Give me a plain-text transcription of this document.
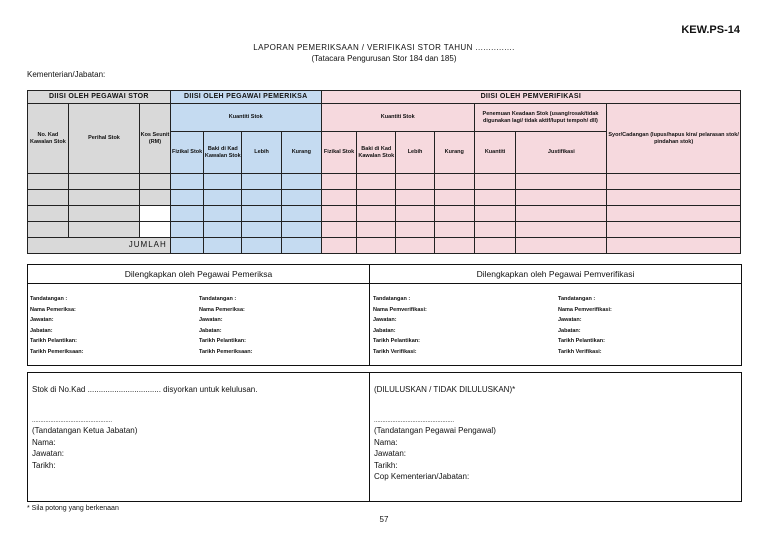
KEW.PS-14
LAPORAN PEMERIKSAAN / VERIFIKASI STOR TAHUN ...............
(Tatacara Pengurusan Stor 184 dan 185)
Kementerian/Jabatan:
DIISI OLEH PEGAWAI STOR			DIISI OLEH PEGAWAI PEMERIKSA				DIISI OLEH PEMVERIFIKASI						
No. Kad Kawalan Stok	Perihal Stok	Kos Seunit (RM)	Kuantiti Stok				Kuantiti Stok				Penemuan Keadaan Stok (usang/rosak/tidak digunakan lagi/ tidak aktif/luput tempoh/ dll)		Syor/Cadangan (lupus/hapus kira/ pelarasan stok/ pindahan stok)
			Fizikal Stok	Baki di Kad Kawalan Stok	Lebih	Kurang	Fizikal Stok	Baki di Kad Kawalan Stok	Lebih	Kurang	Kuantiti	Justifikasi	

JUMLAH													
Dilengkapkan oleh Pegawai Pemeriksa
Tandatangan :
Nama Pemeriksa:
Jawatan:
Jabatan:
Tarikh Pelantikan:
Tarikh Pemeriksaan:
Tandatangan :
Nama Pemeriksa:
Jawatan:
Jabatan:
Tarikh Pelantikan:
Tarikh Pemeriksaan:
Dilengkapkan oleh Pegawai Pemverifikasi
Tandatangan :
Nama Pemverifikasi:
Jawatan:
Jabatan:
Tarikh Pelantikan:
Tarikh Verifikasi:
Tandatangan :
Nama Pemverifikasi:
Jawatan:
Jabatan:
Tarikh Pelantikan:
Tarikh Verifikasi:
Stok di No.Kad ................................. disyorkan untuk kelulusan.
................................................
(Tandatangan Ketua Jabatan)
Nama:
Jawatan:
Tarikh:
(DILULUSKAN / TIDAK DILULUSKAN)*
................................................
(Tandatangan Pegawai Pengawal)
Nama:
Jawatan:
Tarikh:
Cop Kementerian/Jabatan:
* Sila potong yang berkenaan
57
